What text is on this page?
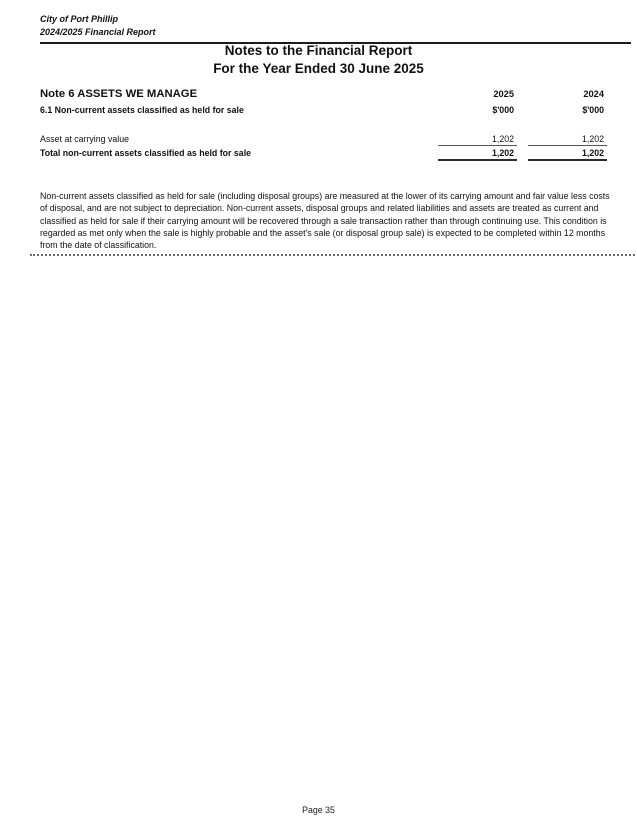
City of Port Phillip
2024/2025 Financial Report
Notes to the Financial Report
For the Year Ended 30 June 2025
Note 6 ASSETS WE MANAGE	2025	2024
6.1 Non-current assets classified as held for sale	$'000	$'000
Asset at carrying value	1,202	1,202
Total non-current assets classified as held for sale	1,202	1,202

Non-current assets classified as held for sale (including disposal groups) are measured at the lower of its carrying amount and fair value less costs of disposal, and are not subject to depreciation. Non-current assets, disposal groups and related liabilities and assets are treated as current and classified as held for sale if their carrying amount will be recovered through a sale transaction rather than through continuing use. This condition is regarded as met only when the sale is highly probable and the asset's sale (or disposal group sale) is expected to be completed within 12 months from the date of classification.

Page 35
